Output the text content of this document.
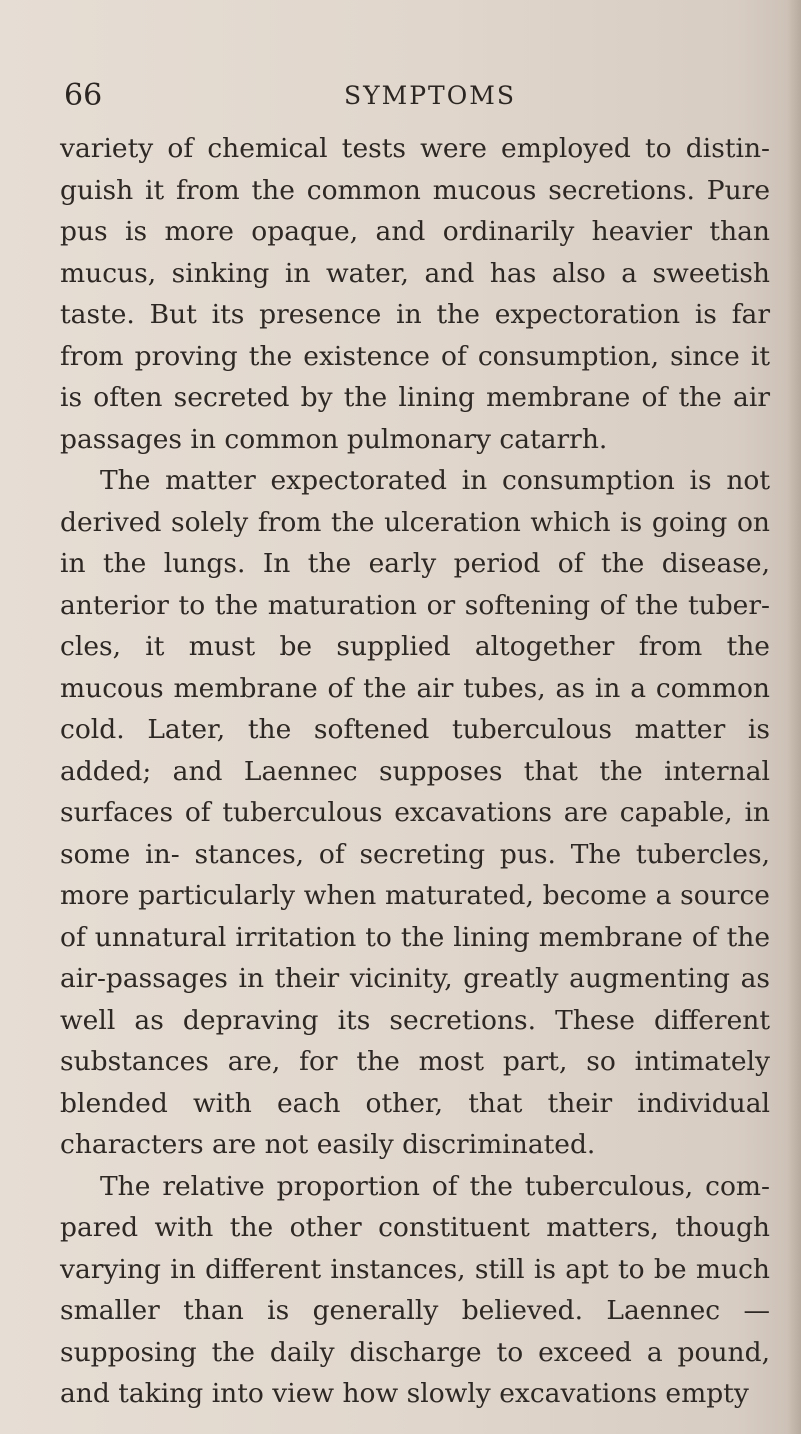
66	SYMPTOMS

variety of chemical tests were employed to distin- guish it from the common mucous secretions. Pure pus is more opaque, and ordinarily heavier than mucus, sinking in water, and has also a sweetish taste. But its presence in the expectoration is far from proving the existence of consumption, since it is often secreted by the lining membrane of the air passages in common pulmonary catarrh.

The matter expectorated in consumption is not derived solely from the ulceration which is going on in the lungs. In the early period of the disease, anterior to the maturation or softening of the tuber- cles, it must be supplied altogether from the mucous membrane of the air tubes, as in a common cold. Later, the softened tuberculous matter is added; and Laennec supposes that the internal surfaces of tuberculous excavations are capable, in some in- stances, of secreting pus. The tubercles, more particularly when maturated, become a source of unnatural irritation to the lining membrane of the air-passages in their vicinity, greatly augmenting as well as depraving its secretions. These different substances are, for the most part, so intimately blended with each other, that their individual characters are not easily discriminated.

The relative proportion of the tuberculous, com- pared with the other constituent matters, though varying in different instances, still is apt to be much smaller than is generally believed. Laennec —supposing the daily discharge to exceed a pound, and taking into view how slowly excavations empty
